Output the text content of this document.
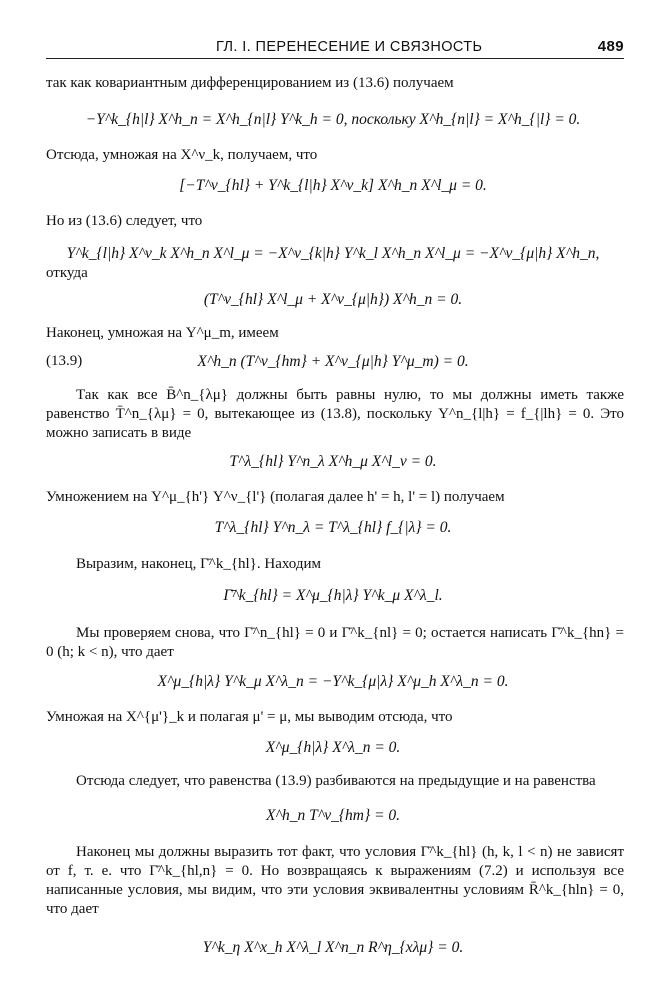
ГЛ. I. ПЕРЕНЕСЕНИЕ И СВЯЗНОСТЬ	489
так как ковариантным дифференцированием из (13.6) получаем
−Y^k_{h|l} X^h_n = X^h_{n|l} Y^k_h = 0, поскольку X^h_{n|l} = X^h_{|l} = 0.
Отсюда, умножая на X^ν_k, получаем, что
[−T^ν_{hl} + Y^k_{l|h} X^ν_k] X^h_n X^l_μ = 0.
Но из (13.6) следует, что
Y^k_{l|h} X^ν_k X^h_n X^l_μ = −X^ν_{k|h} Y^k_l X^h_n X^l_μ = −X^ν_{μ|h} X^h_n,
откуда
(T^ν_{hl} X^l_μ + X^ν_{μ|h}) X^h_n = 0.
Наконец, умножая на Y^μ_m, имеем
(13.9)	X^h_n (T^ν_{hm} + X^ν_{μ|h} Y^μ_m) = 0.
Так как все B̄^n_{λμ} должны быть равны нулю, то мы должны иметь также равенство T̄^n_{λμ} = 0, вытекающее из (13.8), поскольку Y^n_{l|h} = f_{|lh} = 0. Это можно записать в виде
T^λ_{hl} Y^n_λ X^h_μ X^l_ν = 0.
Умножением на Y^μ_{h'} Y^ν_{l'} (полагая далее h' = h, l' = l) получаем
T^λ_{hl} Y^n_λ = T^λ_{hl} f_{|λ} = 0.
Выразим, наконец, Γ̄^k_{hl}. Находим
Γ̄^k_{hl} = X^μ_{h|λ} Y^k_μ X^λ_l.
Мы проверяем снова, что Γ̄^n_{hl} = 0 и Γ̄^k_{nl} = 0; остается написать Γ̄^k_{hn} = 0 (h; k < n), что дает
X^μ_{h|λ} Y^k_μ X^λ_n = −Y^k_{μ|λ} X^μ_h X^λ_n = 0.
Умножая на X^{μ'}_k и полагая μ' = μ, мы выводим отсюда, что
X^μ_{h|λ} X^λ_n = 0.
Отсюда следует, что равенства (13.9) разбиваются на предыдущие и на равенства
X^h_n T^ν_{hm} = 0.
Наконец мы должны выразить тот факт, что условия Γ̄^k_{hl} (h, k, l < n) не зависят от f, т. е. что Γ̄^k_{hl,n} = 0. Но возвращаясь к выражениям (7.2) и используя все написанные условия, мы видим, что эти условия эквивалентны условиям R̄^k_{hln} = 0, что дает
Y^k_η X^x_h X^λ_l X^n_n R^η_{xλμ} = 0.
